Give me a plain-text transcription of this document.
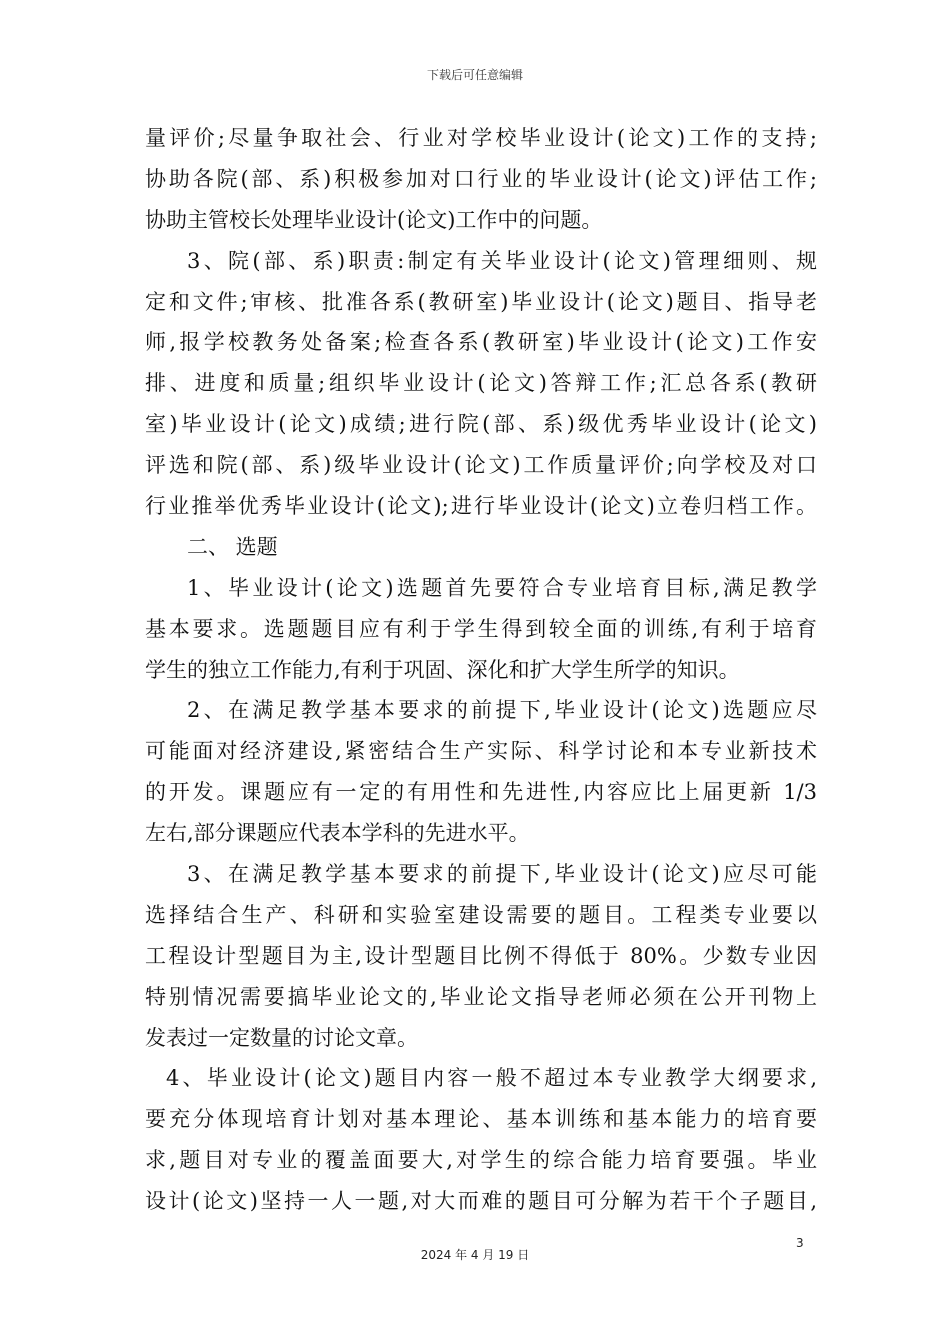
下载后可任意编辑
量评价;尽量争取社会、行业对学校毕业设计(论文)工作的支持;
协助各院(部、系)积极参加对口行业的毕业设计(论文)评估工作;
协助主管校长处理毕业设计(论文)工作中的问题。
3、院(部、系)职责:制定有关毕业设计(论文)管理细则、规
定和文件;审核、批准各系(教研室)毕业设计(论文)题目、指导老
师,报学校教务处备案;检查各系(教研室)毕业设计(论文)工作安
排、进度和质量;组织毕业设计(论文)答辩工作;汇总各系(教研
室)毕业设计(论文)成绩;进行院(部、系)级优秀毕业设计(论文)
评选和院(部、系)级毕业设计(论文)工作质量评价;向学校及对口
行业推举优秀毕业设计(论文);进行毕业设计(论文)立卷归档工作。
二、 选题
1、毕业设计(论文)选题首先要符合专业培育目标,满足教学
基本要求。选题题目应有利于学生得到较全面的训练,有利于培育
学生的独立工作能力,有利于巩固、深化和扩大学生所学的知识。
2、在满足教学基本要求的前提下,毕业设计(论文)选题应尽
可能面对经济建设,紧密结合生产实际、科学讨论和本专业新技术
的开发。课题应有一定的有用性和先进性,内容应比上届更新 1/3
左右,部分课题应代表本学科的先进水平。
3、在满足教学基本要求的前提下,毕业设计(论文)应尽可能
选择结合生产、科研和实验室建设需要的题目。工程类专业要以
工程设计型题目为主,设计型题目比例不得低于 80%。少数专业因
特别情况需要搞毕业论文的,毕业论文指导老师必须在公开刊物上
发表过一定数量的讨论文章。
4、毕业设计(论文)题目内容一般不超过本专业教学大纲要求,
要充分体现培育计划对基本理论、基本训练和基本能力的培育要
求,题目对专业的覆盖面要大,对学生的综合能力培育要强。毕业
设计(论文)坚持一人一题,对大而难的题目可分解为若干个子题目,
3
2024 年 4 月 19 日
